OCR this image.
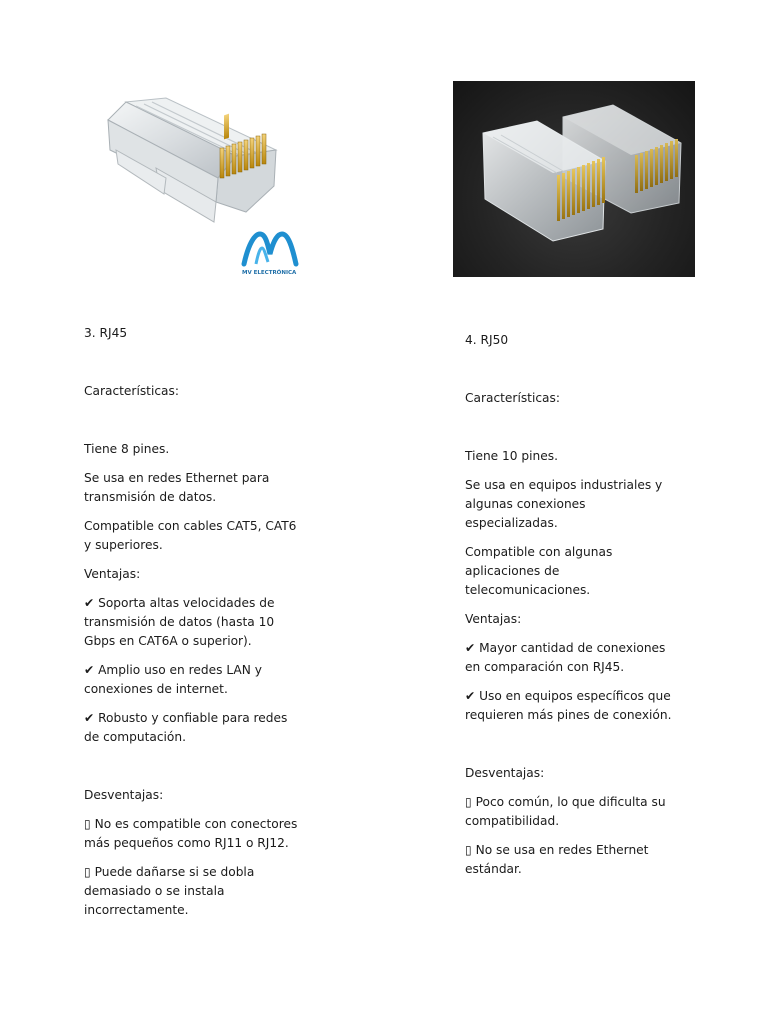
MV ELECTRÓNICA

3. RJ45

Características:

Tiene 8 pines.

Se usa en redes Ethernet para transmisión de datos.

Compatible con cables CAT5, CAT6 y superiores.

Ventajas:

✔ Soporta altas velocidades de transmisión de datos (hasta 10 Gbps en CAT6A o superior).

✔ Amplio uso en redes LAN y conexiones de internet.

✔ Robusto y confiable para redes de computación.

Desventajas:

▯ No es compatible con conectores más pequeños como RJ11 o RJ12.

▯ Puede dañarse si se dobla demasiado o se instala incorrectamente.

4. RJ50

Características:

Tiene 10 pines.

Se usa en equipos industriales y algunas conexiones especializadas.

Compatible con algunas aplicaciones de telecomunicaciones.

Ventajas:

✔ Mayor cantidad de conexiones en comparación con RJ45.

✔ Uso en equipos específicos que requieren más pines de conexión.

Desventajas:

▯ Poco común, lo que dificulta su compatibilidad.

▯ No se usa en redes Ethernet estándar.
